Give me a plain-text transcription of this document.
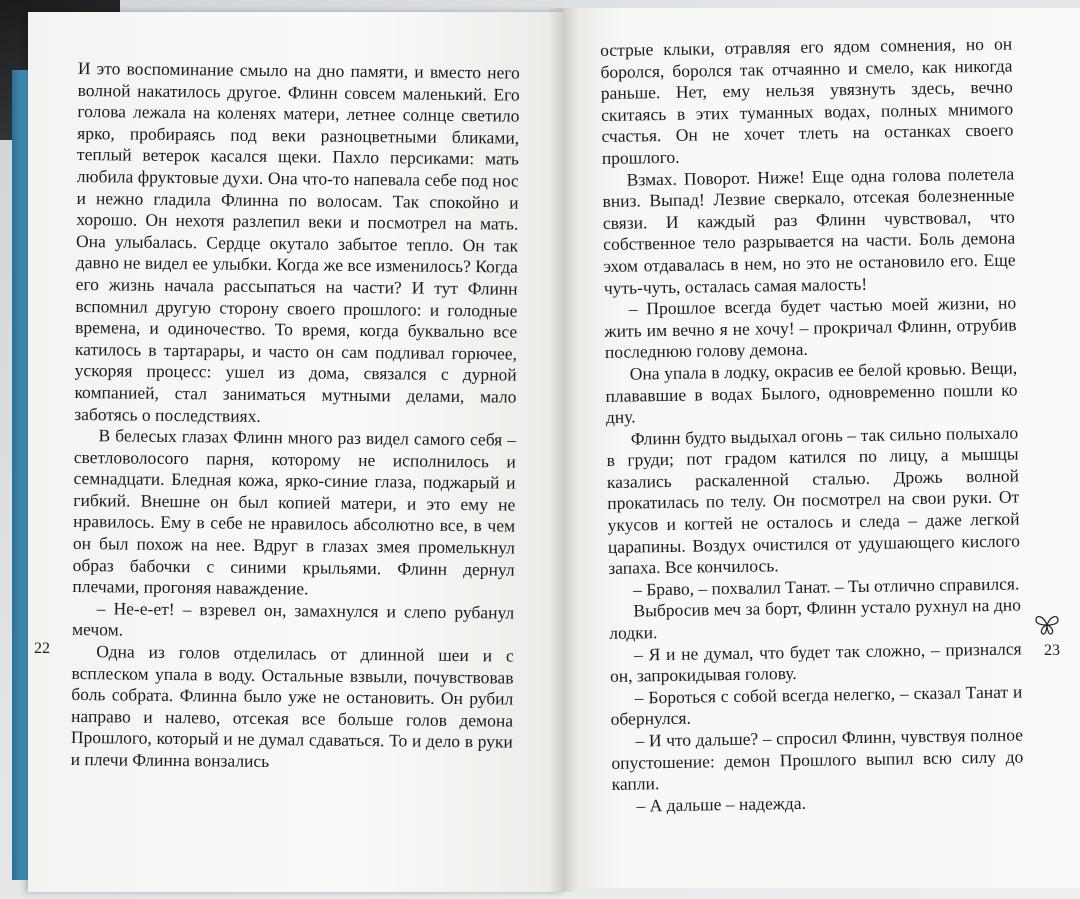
И это воспоминание смыло на дно памяти, и вместо него волной накатилось другое. Флинн совсем маленький. Его голова лежала на коленях матери, летнее солнце светило ярко, пробираясь под веки разноцветными бликами, теплый ветерок касался щеки. Пахло персиками: мать любила фруктовые духи. Она что-то напевала себе под нос и нежно гладила Флинна по волосам. Так спокойно и хорошо. Он нехотя разлепил веки и посмотрел на мать. Она улыбалась. Сердце окутало забытое тепло. Он так давно не видел ее улыбки. Когда же все изменилось? Когда его жизнь начала рассыпаться на части? И тут Флинн вспомнил другую сторону своего прошлого: и голодные времена, и одиночество. То время, когда буквально все катилось в тартарары, и часто он сам подливал горючее, ускоряя процесс: ушел из дома, связался с дурной компанией, стал заниматься мутными делами, мало заботясь о последствиях.

В белесых глазах Флинн много раз видел самого себя – светловолосого парня, которому не исполнилось и семнадцати. Бледная кожа, ярко-синие глаза, поджарый и гибкий. Внешне он был копией матери, и это ему не нравилось. Ему в себе не нравилось абсолютно все, в чем он был похож на нее. Вдруг в глазах змея промелькнул образ бабочки с синими крыльями. Флинн дернул плечами, прогоняя наваждение.

– Не-е-ет! – взревел он, замахнулся и слепо рубанул мечом.

Одна из голов отделилась от длинной шеи и с всплеском упала в воду. Остальные взвыли, почувствовав боль собрата. Флинна было уже не остановить. Он рубил направо и налево, отсекая все больше голов демона Прошлого, который и не думал сдаваться. То и дело в руки и плечи Флинна вонзались

острые клыки, отравляя его ядом сомнения, но он боролся, боролся так отчаянно и смело, как никогда раньше. Нет, ему нельзя увязнуть здесь, вечно скитаясь в этих туманных водах, полных мнимого счастья. Он не хочет тлеть на останках своего прошлого.

Взмах. Поворот. Ниже! Еще одна голова полетела вниз. Выпад! Лезвие сверкало, отсекая болезненные связи. И каждый раз Флинн чувствовал, что собственное тело разрывается на части. Боль демона эхом отдавалась в нем, но это не остановило его. Еще чуть-чуть, осталась самая малость!

– Прошлое всегда будет частью моей жизни, но жить им вечно я не хочу! – прокричал Флинн, отрубив последнюю голову демона.

Она упала в лодку, окрасив ее белой кровью. Вещи, плававшие в водах Былого, одновременно пошли ко дну.

Флинн будто выдыхал огонь – так сильно полыхало в груди; пот градом катился по лицу, а мышцы казались раскаленной сталью. Дрожь волной прокатилась по телу. Он посмотрел на свои руки. От укусов и когтей не осталось и следа – даже легкой царапины. Воздух очистился от удушающего кислого запаха. Все кончилось.

– Браво, – похвалил Танат. – Ты отлично справился.

Выбросив меч за борт, Флинн устало рухнул на дно лодки.

– Я и не думал, что будет так сложно, – признался он, запрокидывая голову.

– Бороться с собой всегда нелегко, – сказал Танат и обернулся.

– И что дальше? – спросил Флинн, чувствуя полное опустошение: демон Прошлого выпил всю силу до капли.

– А дальше – надежда.

22	23
